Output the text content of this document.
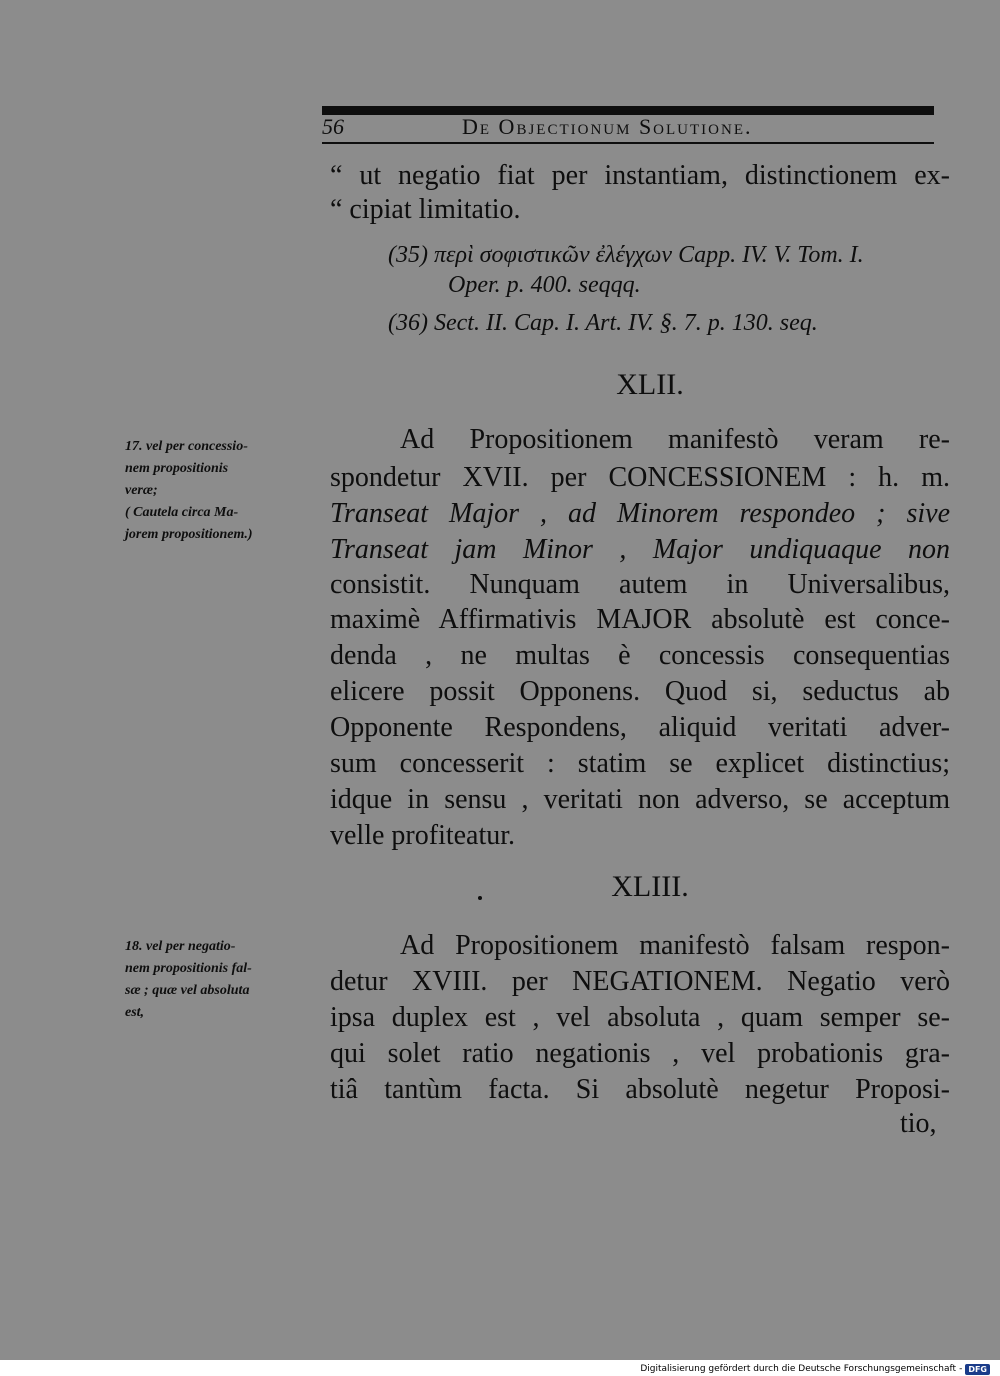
56	De Objectionum Solutione.
“ ut negatio fiat per instantiam, distinctionem ex-
“ cipiat limitatio.
(35) περὶ σοφιστικῶν ἐλέγχων Capp. IV. V. Tom. I.
Oper. p. 400. seqqq.
(36) Sect. II. Cap. I. Art. IV. §. 7. p. 130. seq.
XLII.
17. vel per concessio-
nem propositionis
veræ;
( Cautela circa Ma-
jorem propositionem.)
Ad Propositionem manifestò veram re-
spondetur XVII. per CONCESSIONEM : h. m.
Transeat Major , ad Minorem respondeo ; sive
Transeat jam Minor , Major undiquaque non
consistit. Nunquam autem in Universalibus,
maximè Affirmativis MAJOR absolutè est conce-
denda , ne multas è concessis consequentias
elicere possit Opponens. Quod si, seductus ab
Opponente Respondens, aliquid veritati adver-
sum concesserit : statim se explicet distinctius;
idque in sensu , veritati non adverso, se acceptum
velle profiteatur.
XLIII.
18. vel per negatio-
nem propositionis fal-
sæ ; quæ vel absoluta
est,
Ad Propositionem manifestò falsam respon-
detur XVIII. per NEGATIONEM. Negatio verò
ipsa duplex est , vel absoluta , quam semper se-
qui solet ratio negationis , vel probationis gra-
tiâ tantùm facta. Si absolutè negetur Proposi-
tio,
Digitalisierung gefördert durch die Deutsche Forschungsgemeinschaft - DFG
